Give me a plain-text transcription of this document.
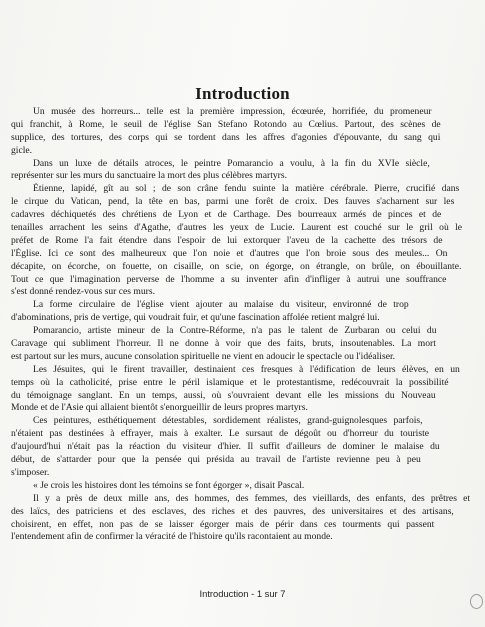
Introduction
Un musée des horreurs... telle est la première impression, écœurée, horrifiée, du promeneur
qui franchit, à Rome, le seuil de l'église San Stefano Rotondo au Cœlius. Partout, des scènes de
supplice, des tortures, des corps qui se tordent dans les affres d'agonies d'épouvante, du sang qui
gicle.
Dans un luxe de détails atroces, le peintre Pomarancio a voulu, à la fin du XVIe siècle,
représenter sur les murs du sanctuaire la mort des plus célèbres martyrs.
Étienne, lapidé, gît au sol ; de son crâne fendu suinte la matière cérébrale. Pierre, crucifié dans
le cirque du Vatican, pend, la tête en bas, parmi une forêt de croix. Des fauves s'acharnent sur les
cadavres déchiquetés des chrétiens de Lyon et de Carthage. Des bourreaux armés de pinces et de
tenailles arrachent les seins d'Agathe, d'autres les yeux de Lucie. Laurent est couché sur le gril où le
préfet de Rome l'a fait étendre dans l'espoir de lui extorquer l'aveu de la cachette des trésors de
l'Église. Ici ce sont des malheureux que l'on noie et d'autres que l'on broie sous des meules... On
décapite, on écorche, on fouette, on cisaille, on scie, on égorge, on étrangle, on brûle, on ébouillante.
Tout ce que l'imagination perverse de l'homme a su inventer afin d'infliger à autrui une souffrance
s'est donné rendez-vous sur ces murs.
La forme circulaire de l'église vient ajouter au malaise du visiteur, environné de trop
d'abominations, pris de vertige, qui voudrait fuir, et qu'une fascination affolée retient malgré lui.
Pomarancio, artiste mineur de la Contre-Réforme, n'a pas le talent de Zurbaran ou celui du
Caravage qui subliment l'horreur. Il ne donne à voir que des faits, bruts, insoutenables. La mort
est partout sur les murs, aucune consolation spirituelle ne vient en adoucir le spectacle ou l'idéaliser.
Les Jésuites, qui le firent travailler, destinaient ces fresques à l'édification de leurs élèves, en un
temps où la catholicité, prise entre le péril islamique et le protestantisme, redécouvrait la possibilité
du témoignage sanglant. En un temps, aussi, où s'ouvraient devant elle les missions du Nouveau
Monde et de l'Asie qui allaient bientôt s'enorgueillir de leurs propres martyrs.
Ces peintures, esthétiquement détestables, sordidement réalistes, grand-guignolesques parfois,
n'étaient pas destinées à effrayer, mais à exalter. Le sursaut de dégoût ou d'horreur du touriste
d'aujourd'hui n'était pas la réaction du visiteur d'hier. Il suffit d'ailleurs de dominer le malaise du
début, de s'attarder pour que la pensée qui présida au travail de l'artiste revienne peu à peu
s'imposer.
« Je crois les histoires dont les témoins se font égorger », disait Pascal.
Il y a près de deux mille ans, des hommes, des femmes, des vieillards, des enfants, des prêtres et
des laïcs, des patriciens et des esclaves, des riches et des pauvres, des universitaires et des artisans,
choisirent, en effet, non pas de se laisser égorger mais de périr dans ces tourments qui passent
l'entendement afin de confirmer la véracité de l'histoire qu'ils racontaient au monde.
Introduction - 1 sur 7
